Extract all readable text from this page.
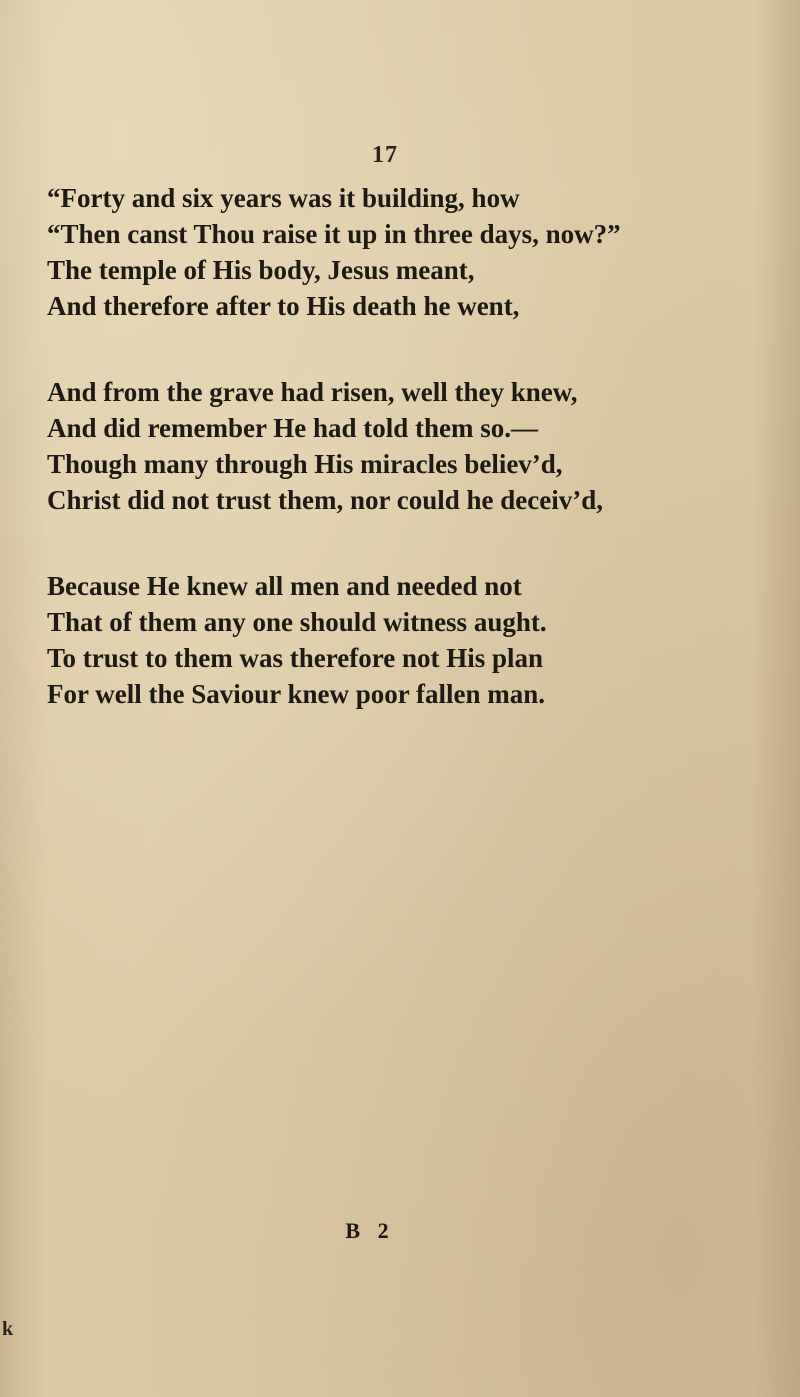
17
“Forty and six years was it building, how
“Then canst Thou raise it up in three days, now?”
The temple of His body, Jesus meant,
And therefore after to His death he went,
And from the grave had risen, well they knew,
And did remember He had told them so.—
Though many through His miracles believ’d,
Christ did not trust them, nor could he deceiv’d,
Because He knew all men and needed not
That of them any one should witness aught.
To trust to them was therefore not His plan
For well the Saviour knew poor fallen man.
B 2
k
